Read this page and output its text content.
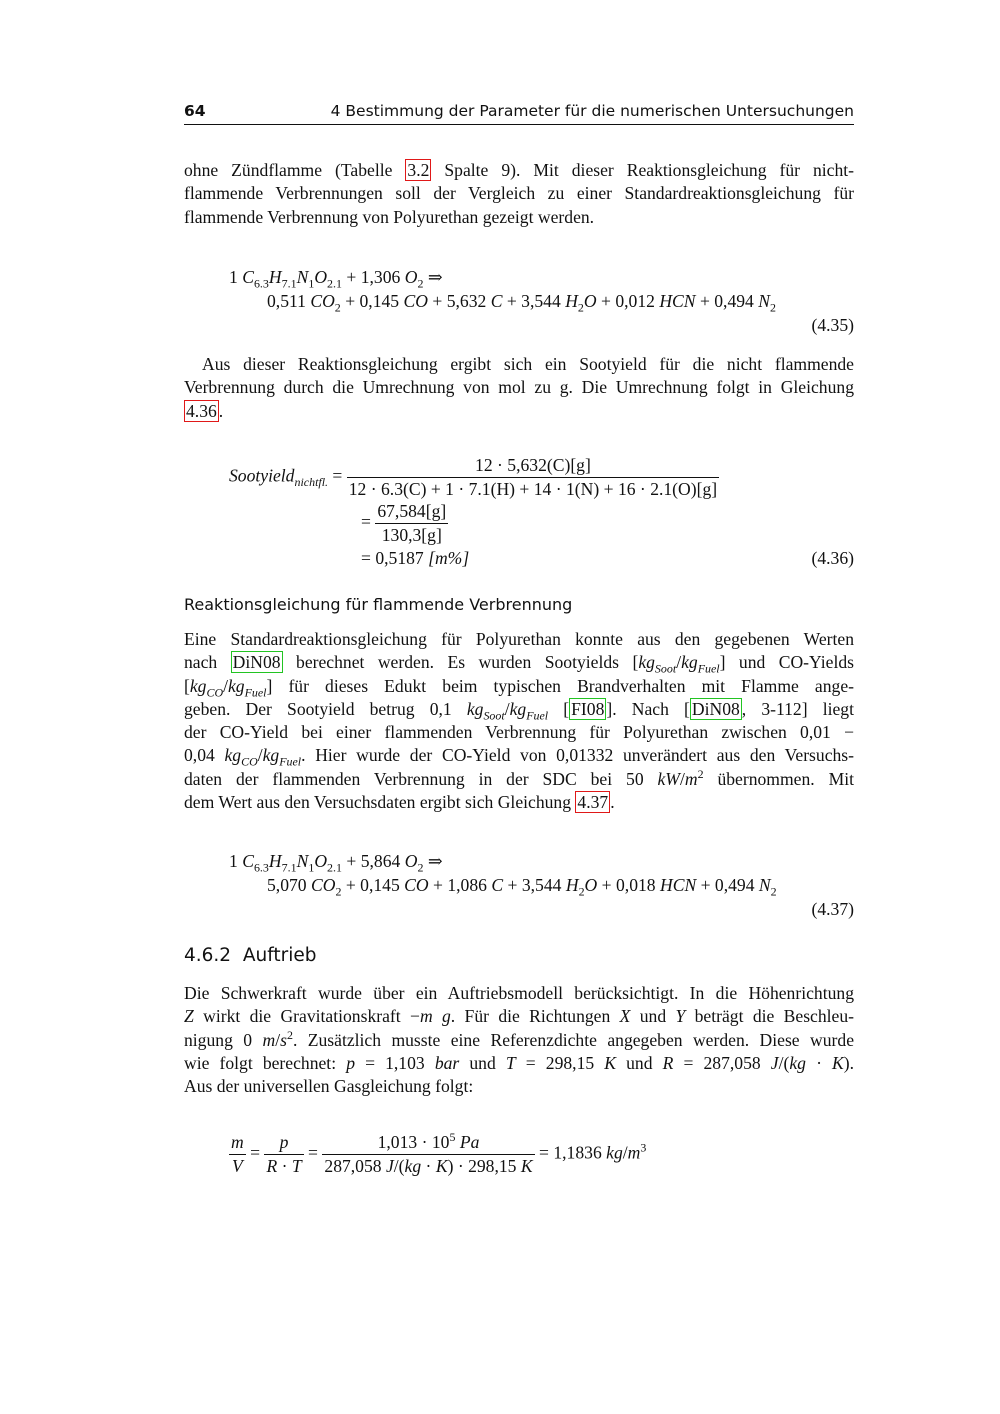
64	4 Bestimmung der Parameter für die numerischen Untersuchungen
ohne Zündflamme (Tabelle 3.2 Spalte 9). Mit dieser Reaktionsgleichung für nicht-
flammende Verbrennungen soll der Vergleich zu einer Standardreaktionsgleichung für
flammende Verbrennung von Polyurethan gezeigt werden.
1 $C_{6.3}H_{7.1}N_1O_{2.1} + 1,306$ $O_2$ ⇒
0,511 $CO_2 + 0,145$ CO + 5,632 C + 3,544 $H_2O + 0,012$ HCN + 0,494 $N_2$
(4.35)
Aus dieser Reaktionsgleichung ergibt sich ein Sootyield für die nicht flammende
Verbrennung durch die Umrechnung von mol zu g. Die Umrechnung folgt in Gleichung
4.36 .
Sootyield$_{nichtfl.}$ = $\frac{12 \cdot 5,632(C)[g]}{12 \cdot 6.3(C) + 1 \cdot 7.1(H) + 14 \cdot 1(N) + 16 \cdot 2.1(O)[g]}$
= $\frac{67,584[g]}{130,3[g]}$
= 0,5187 [m%]	(4.36)
Reaktionsgleichung für flammende Verbrennung
Eine Standardreaktionsgleichung für Polyurethan konnte aus den gegebenen Werten
nach DiN08 berechnet werden. Es wurden Sootyields $[kg_{Soot}/kg_{Fuel}]$ und CO-Yields
$[kg_{CO}/kg_{Fuel}]$ für dieses Edukt beim typischen Brandverhalten mit Flamme ange-
geben. Der Sootyield betrug 0,1 $kg_{Soot}/kg_{Fuel}$ [ FI08 ]. Nach [ DiN08 , 3-112] liegt
der CO-Yield bei einer flammenden Verbrennung für Polyurethan zwischen 0,01 −
0,04 $kg_{CO}/kg_{Fuel}$. Hier wurde der CO-Yield von 0,01332 unverändert aus den Versuchs-
daten der flammenden Verbrennung in der SDC bei 50 $kW/m^2$ übernommen. Mit
dem Wert aus den Versuchsdaten ergibt sich Gleichung 4.37 .
1 $C_{6.3}H_{7.1}N_1O_{2.1} + 5,864$ $O_2$ ⇒
5,070 $CO_2 + 0,145$ CO + 1,086 C + 3,544 $H_2O + 0,018$ HCN + 0,494 $N_2$
(4.37)
4.6.2 Auftrieb
Die Schwerkraft wurde über ein Auftriebsmodell berücksichtigt. In die Höhenrichtung
Z wirkt die Gravitationskraft −m g. Für die Richtungen X und Y beträgt die Beschleu-
nigung 0 $m/s^2$. Zusätzlich musste eine Referenzdichte angegeben werden. Diese wurde
wie folgt berechnet: p = 1,103 bar und T = 298,15 K und R = 287,058 J/(kg · K).
Aus der universellen Gasgleichung folgt:
$\frac{m}{V} = \frac{p}{R \cdot T} = \frac{1,013 \cdot 10^5 Pa}{287,058 J/(kg \cdot K) \cdot 298,15 K} = 1,1836$ $kg/m^3$
